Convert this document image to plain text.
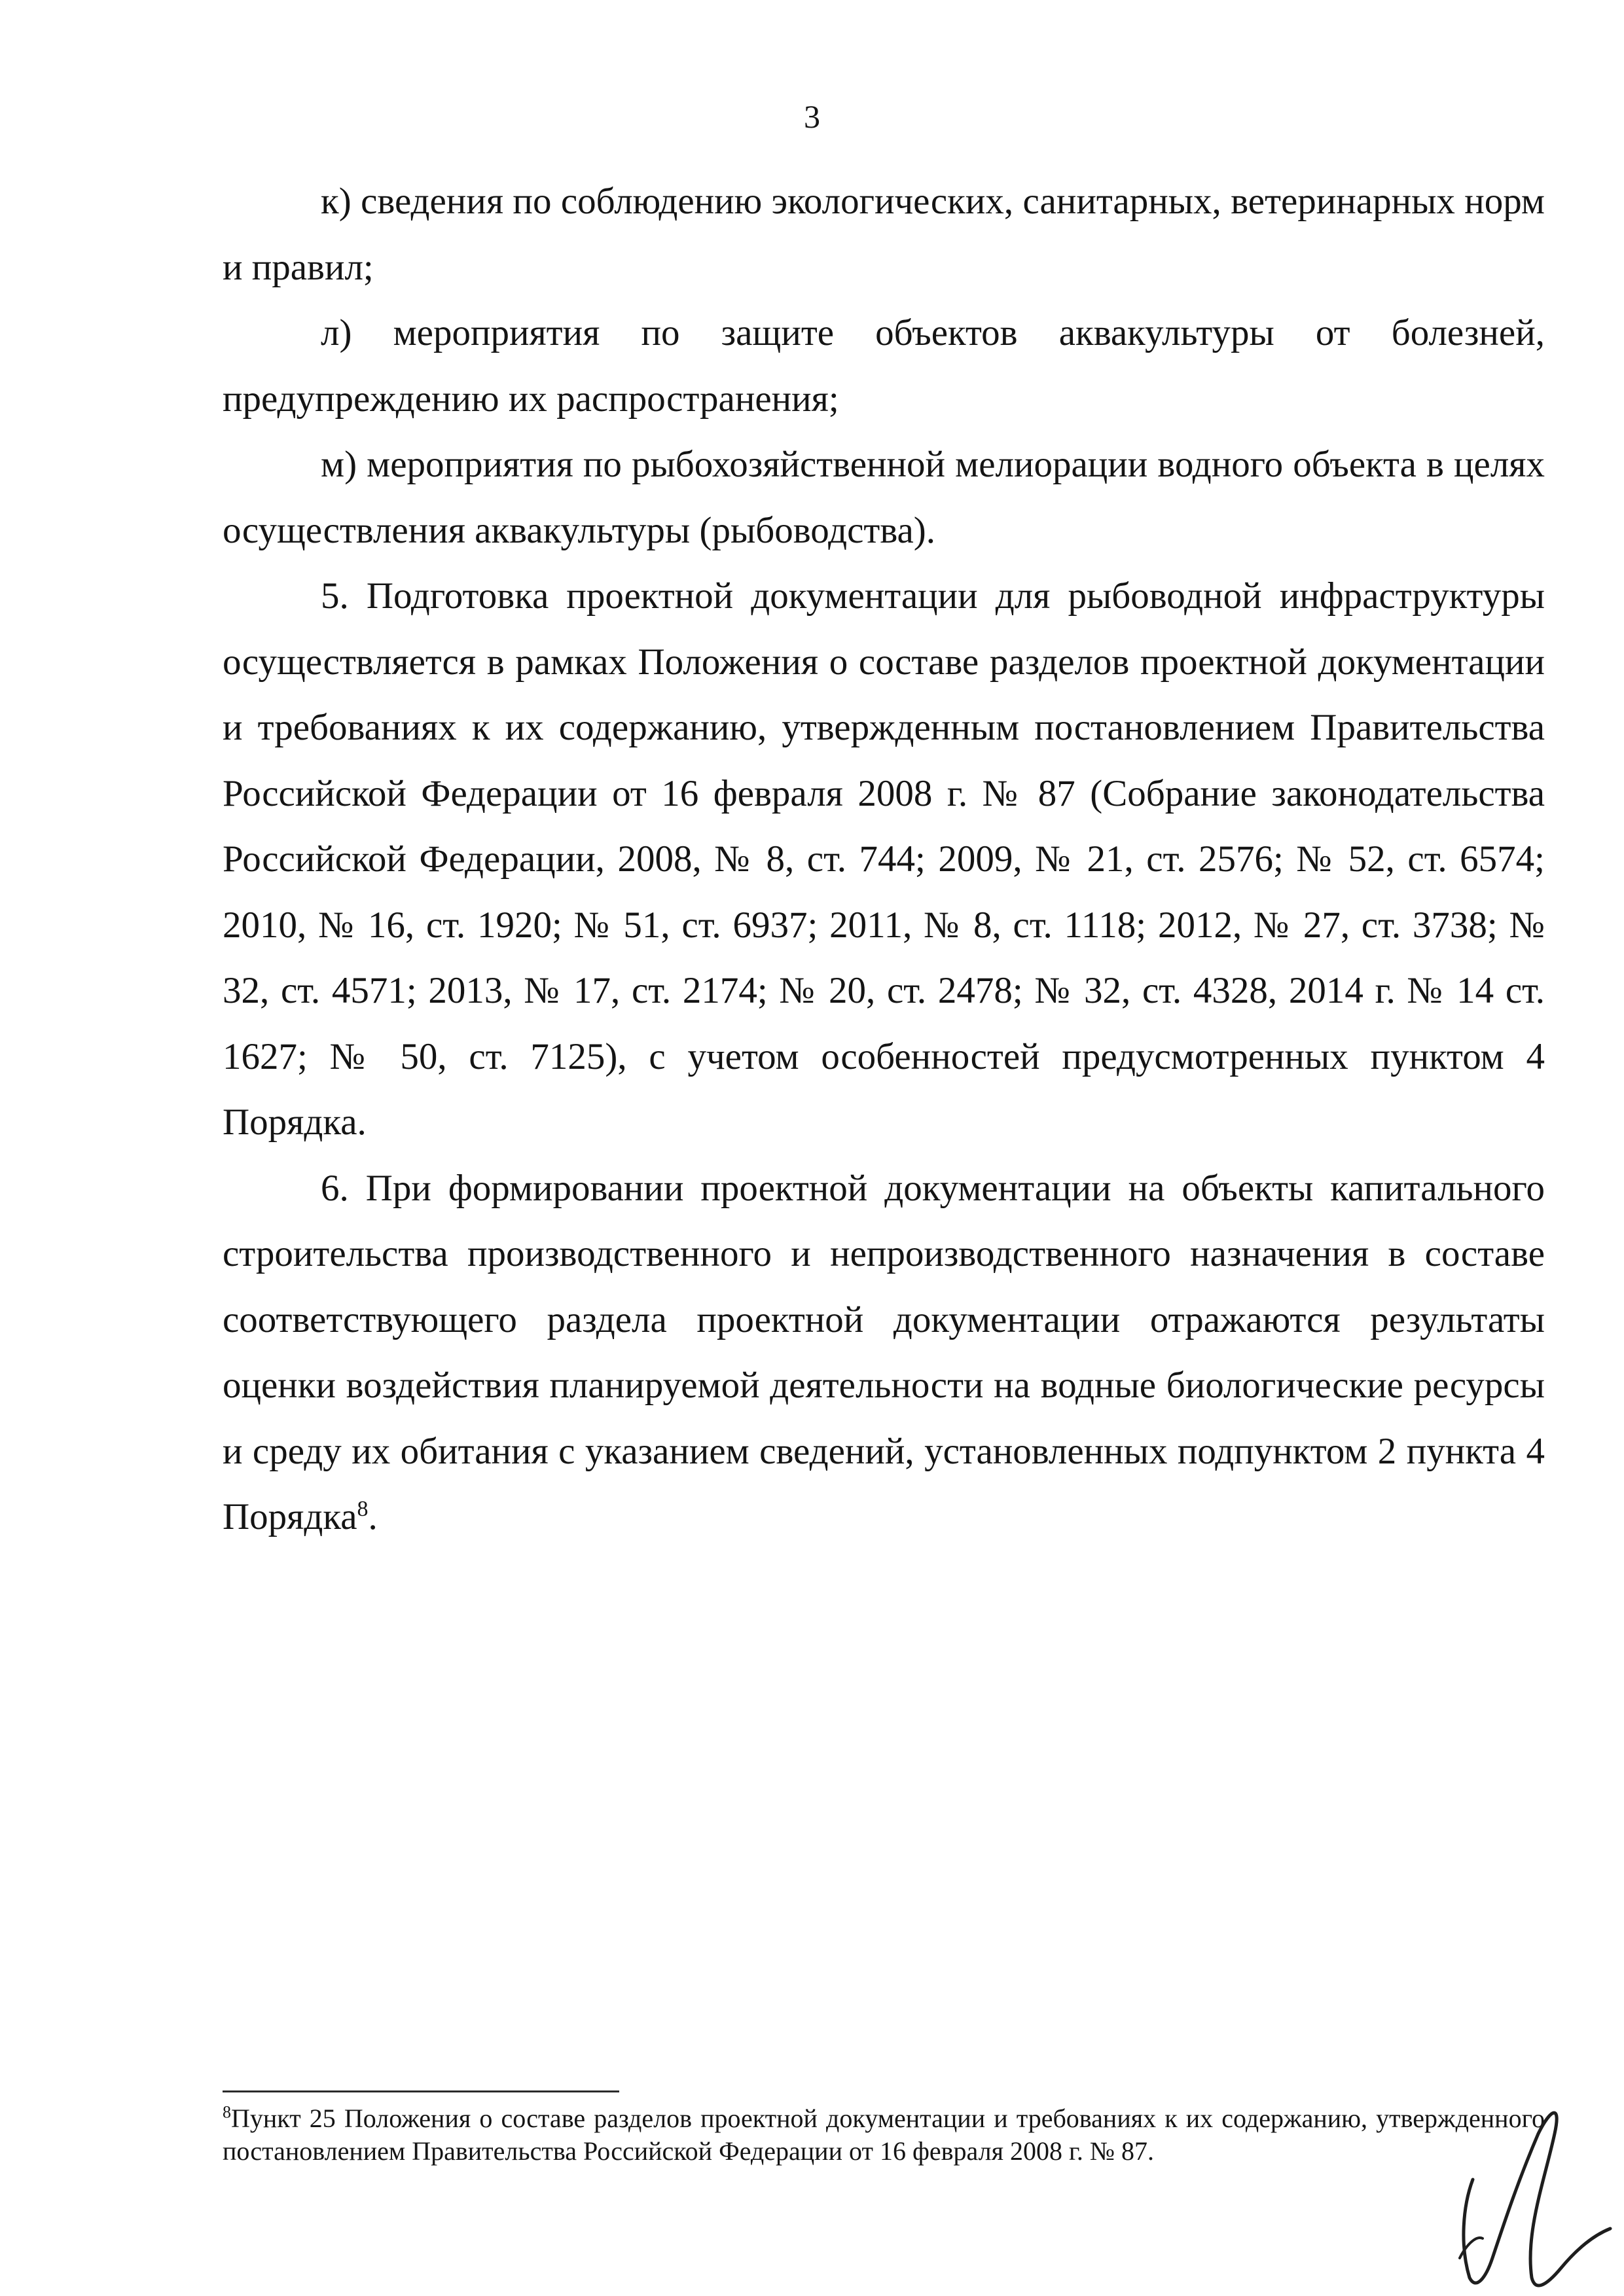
3

к) сведения по соблюдению экологических, санитарных, ветеринарных норм и правил;

л) мероприятия по защите объектов аквакультуры от болезней, предупреждению их распространения;

м) мероприятия по рыбохозяйственной мелиорации водного объекта в целях осуществления аквакультуры (рыбоводства).

5. Подготовка проектной документации для рыбоводной инфраструктуры осуществляется в рамках Положения о составе разделов проектной документации и требованиях к их содержанию, утвержденным постановлением Правительства Российской Федерации от 16 февраля 2008 г. № 87 (Собрание законодательства Российской Федерации, 2008, № 8, ст. 744; 2009, № 21, ст. 2576; № 52, ст. 6574; 2010, № 16, ст. 1920; № 51, ст. 6937; 2011, № 8, ст. 1118; 2012, № 27, ст. 3738; № 32, ст. 4571; 2013, № 17, ст. 2174; № 20, ст. 2478; № 32, ст. 4328, 2014 г. № 14 ст. 1627; № 50, ст. 7125), с учетом особенностей предусмотренных пунктом 4 Порядка.

6. При формировании проектной документации на объекты капитального строительства производственного и непроизводственного назначения в составе соответствующего раздела проектной документации отражаются результаты оценки воздействия планируемой деятельности на водные биологические ресурсы и среду их обитания с указанием сведений, установленных подпунктом 2 пункта 4 Порядка$^8$.

$^8$Пункт 25 Положения о составе разделов проектной документации и требованиях к их содержанию, утвержденного постановлением Правительства Российской Федерации от 16 февраля 2008 г. № 87.
